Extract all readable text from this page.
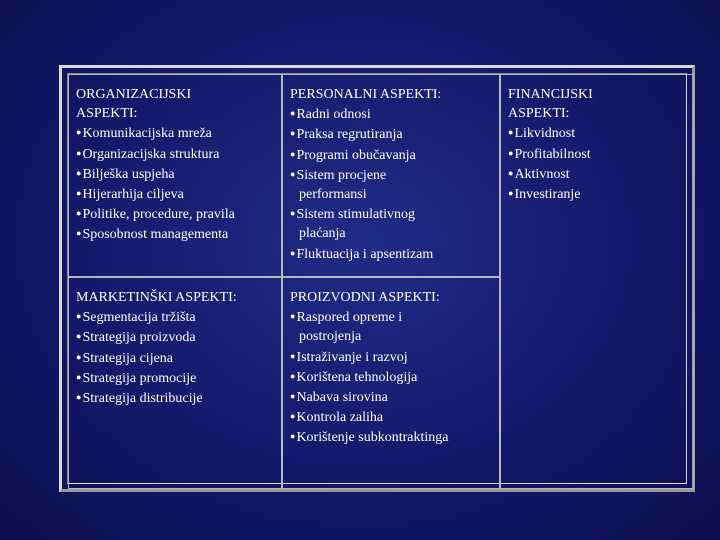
ORGANIZACIJSKI
ASPEKTI:
●Komunikacijska mreža
●Organizacijska struktura
●Bilješka uspjeha
●Hijerarhija ciljeva
●Politike, procedure, pravila
●Sposobnost managementa
PERSONALNI ASPEKTI:
●Radni odnosi
●Praksa regrutiranja
●Programi obučavanja
●Sistem procjene
performansi
●Sistem stimulativnog
plaćanja
●Fluktuacija i apsentizam
FINANCIJSKI
ASPEKTI:
●Likvidnost
●Profitabilnost
●Aktivnost
●Investiranje
MARKETINŠKI ASPEKTI:
●Segmentacija tržišta
●Strategija proizvoda
●Strategija cijena
●Strategija promocije
●Strategija distribucije
PROIZVODNI ASPEKTI:
●Raspored opreme i
postrojenja
●Istraživanje i razvoj
●Korištena tehnologija
●Nabava sirovina
●Kontrola zaliha
●Korištenje subkontraktinga
